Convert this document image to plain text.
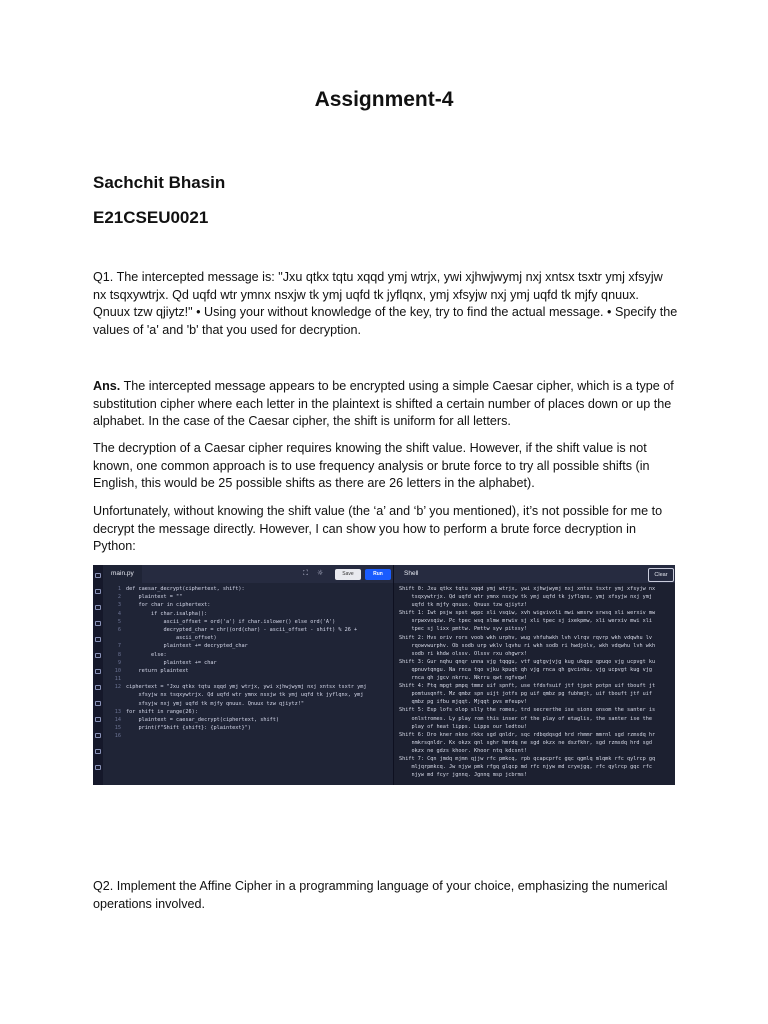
Assignment-4
Sachchit Bhasin
E21CSEU0021

Q1. The intercepted message is: "Jxu qtkx tqtu xqqd ymj wtrjx, ywi xjhwjwymj nxj xntsx tsxtr ymj xfsyjw nx tsqxywtrjx. Qd uqfd wtr ymnx nsxjw tk ymj uqfd tk jyflqnx, ymj xfsyjw nxj ymj uqfd tk mjfy qnuux. Qnuux tzw qjiytz!" • Using your without knowledge of the key, try to find the actual message. • Specify the values of 'a' and 'b' that you used for decryption.

Ans. The intercepted message appears to be encrypted using a simple Caesar cipher, which is a type of substitution cipher where each letter in the plaintext is shifted a certain number of places down or up the alphabet. In the case of the Caesar cipher, the shift is uniform for all letters.

The decryption of a Caesar cipher requires knowing the shift value. However, if the shift value is not known, one common approach is to use frequency analysis or brute force to try all possible shifts (in English, this would be 25 possible shifts as there are 26 letters in the alphabet).

Unfortunately, without knowing the shift value (the ‘a’ and ‘b’ you mentioned), it’s not possible for me to decrypt the message directly. However, I can show you how to perform a brute force decryption in Python:

main.py	⛶ ☼	Save	Run
1 def caesar_decrypt(ciphertext, shift):
2    plaintext = ""
3    for char in ciphertext:
4        if char.isalpha():
5            ascii_offset = ord('a') if char.islower() else ord('A')
6            decrypted_char = chr((ord(char) - ascii_offset - shift) % 26 +
ascii_offset)
7            plaintext += decrypted_char
8        else:
9            plaintext += char
10    return plaintext
11
12 ciphertext = "Jxu qtkx tqtu xqqd ymj wtrjx, ywi xjhwjwymj nxj xntsx tsxtr ymj
xfsyjw nx tsqxywtrjx. Qd uqfd wtr ymnx nsxjw tk ymj uqfd tk jyflqnx, ymj
xfsyjw nxj ymj uqfd tk mjfy qnuux. Qnuux tzw qjiytz!"
13 for shift in range(26):
14    plaintext = caesar_decrypt(ciphertext, shift)
15    print(f"Shift {shift}: {plaintext}")
16
Shell	Clear
Shift 0: Jxu qtkx tqtu xqqd ymj wtrjx, ywi xjhwjwymj nxj xntsx tsxtr ymj xfsyjw nx
tsqxywtrjx. Qd uqfd wtr ymnx nsxjw tk ymj uqfd tk jyflqnx, ymj xfsyjw nxj ymj
uqfd tk mjfy qnuux. Qnuux tzw qjiytz!
Shift 1: Iwt psjw spst wppc xli vsqiw, xvh wigvivxli mwi wmsrw srwsq xli werxiv mw
srpwxvsqiw. Pc tpec wsq xlmw mrwiv sj xli tpec sj ixekpmw, xli werxiv mwi xli
tpec sj lixx pmttw. Pmttw syv pitxsy!
Shift 2: Hvs oriv rors voob wkh urphv, wug vhfuhwkh lvh vlrqv rqvrp wkh vdqwhu lv
rqowvwurphv. Ob sodb urp wklv lqvhu ri wkh sodb ri hwdjolv, wkh vdqwhu lvh wkh
sodb ri khdw olssv. Olssv rxu ohgwrx!
Shift 3: Gur nqhu qnqr unna vjg tqqgu, vtf ugtgvjvjg kug ukqpu qpuqo vjg ucpvgt ku
qpnuvtqngu. Na rnca tqo vjku kpuqt qh vjg rnca qh gvcinku, vjg ucpvgt kug vjg
rnca qh jgcv nkrru. Nkrru qwt ngfvqw!
Shift 4: Ftq mpgt pmpq tmmz uif spnft, use tfdsfsuif jtf tjpot potpn uif tbouft jt
pomtusqnft. Mz qmbz spn uijt jotfs pg uif qmbz pg fubhmjt, uif tbouft jtf uif
qmbz pg ifbu mjqqt. Mjqqt pvs mfeupv!
Shift 5: Esp lofs olop slly the romes, trd secrerthe ise sions onsom the santer is
onlstromes. Ly play rom this inser of the play of etaglis, the santer ise the
play of heat lipps. Lipps our ledtou!
Shift 6: Dro kner nkno rkkx sgd qnldr, sqc rdbqdqsgd hrd rhmmr mmrnl sgd rzmsdq hr
nmkrsqnldr. Kx okzx qnl sghr hmrdq ne sgd okzx ne dszfkhr, sgd rzmsdq hrd sgd
okzx ne gdzs khoor. Khoor ntq kdcsnt!
Shift 7: Cqn jmdq mjmn qjjw rfc pmkcq, rpb qcapcprfc gqc qgmlq mlqmk rfc qylrcp gq
mljqrpmkcq. Jw njyw pmk rfgq glqcp md rfc njyw md cryejgq, rfc qylrcp gqc rfc
njyw md fcyr jgnnq. Jgnnq msp jcbrms!

Q2. Implement the Affine Cipher in a programming language of your choice, emphasizing the numerical operations involved.
